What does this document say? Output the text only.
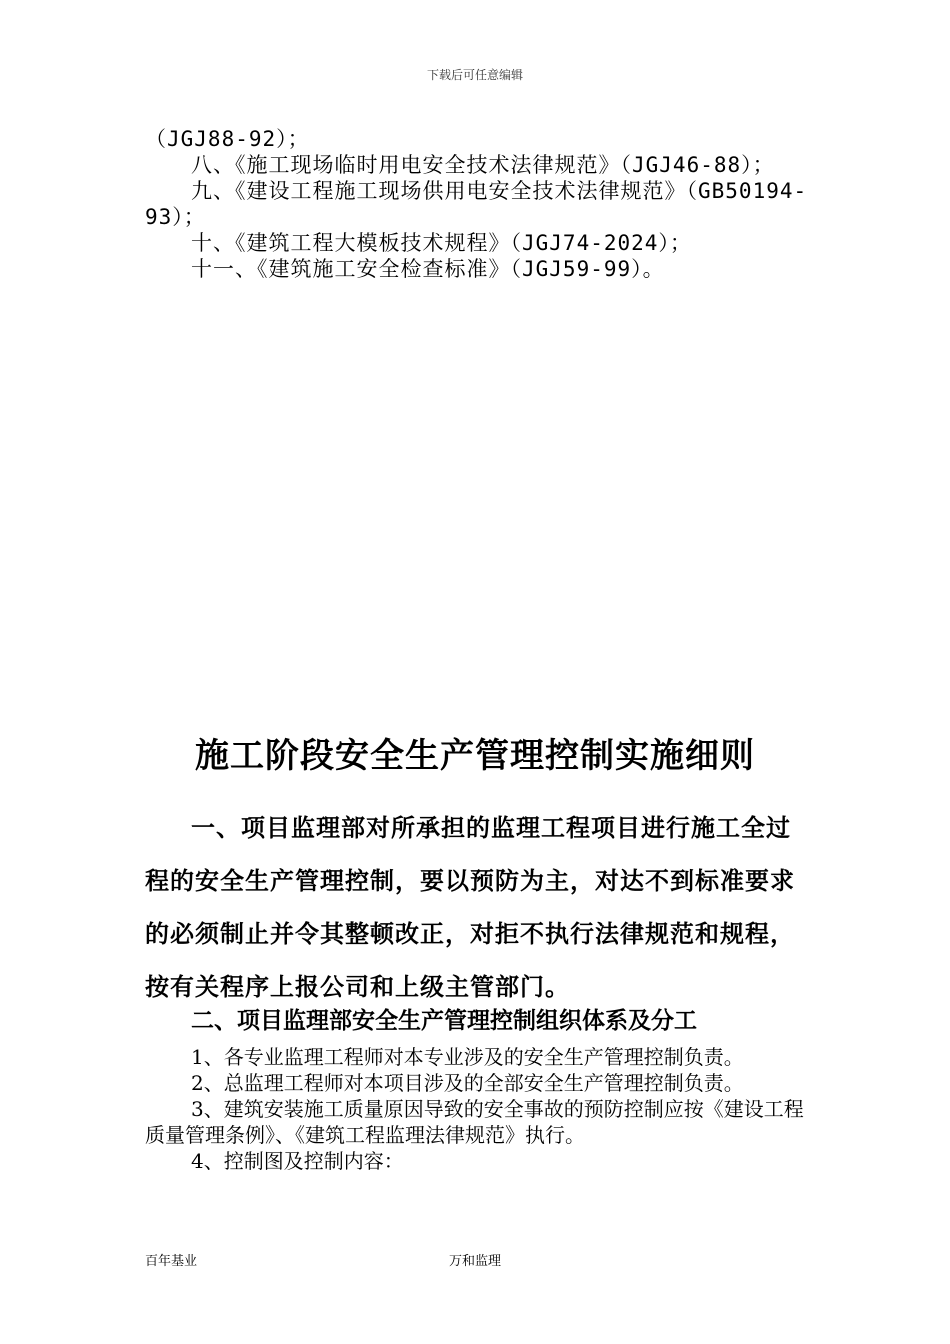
下载后可任意编辑

（JGJ88-92）；

八、《施工现场临时用电安全技术法律规范》（JGJ46-88）；

九、《建设工程施工现场供用电安全技术法律规范》（GB50194-93）；

十、《建筑工程大模板技术规程》（JGJ74-2024）；

十一、《建筑施工安全检查标准》（JGJ59-99）。

施工阶段安全生产管理控制实施细则

一、项目监理部对所承担的监理工程项目进行施工全过程的安全生产管理控制，要以预防为主，对达不到标准要求的必须制止并令其整顿改正，对拒不执行法律规范和规程，按有关程序上报公司和上级主管部门。

二、项目监理部安全生产管理控制组织体系及分工

1、各专业监理工程师对本专业涉及的安全生产管理控制负责。

2、总监理工程师对本项目涉及的全部安全生产管理控制负责。

3、建筑安装施工质量原因导致的安全事故的预防控制应按《建设工程质量管理条例》、《建筑工程监理法律规范》执行。

4、控制图及控制内容：

百年基业	万和监理
